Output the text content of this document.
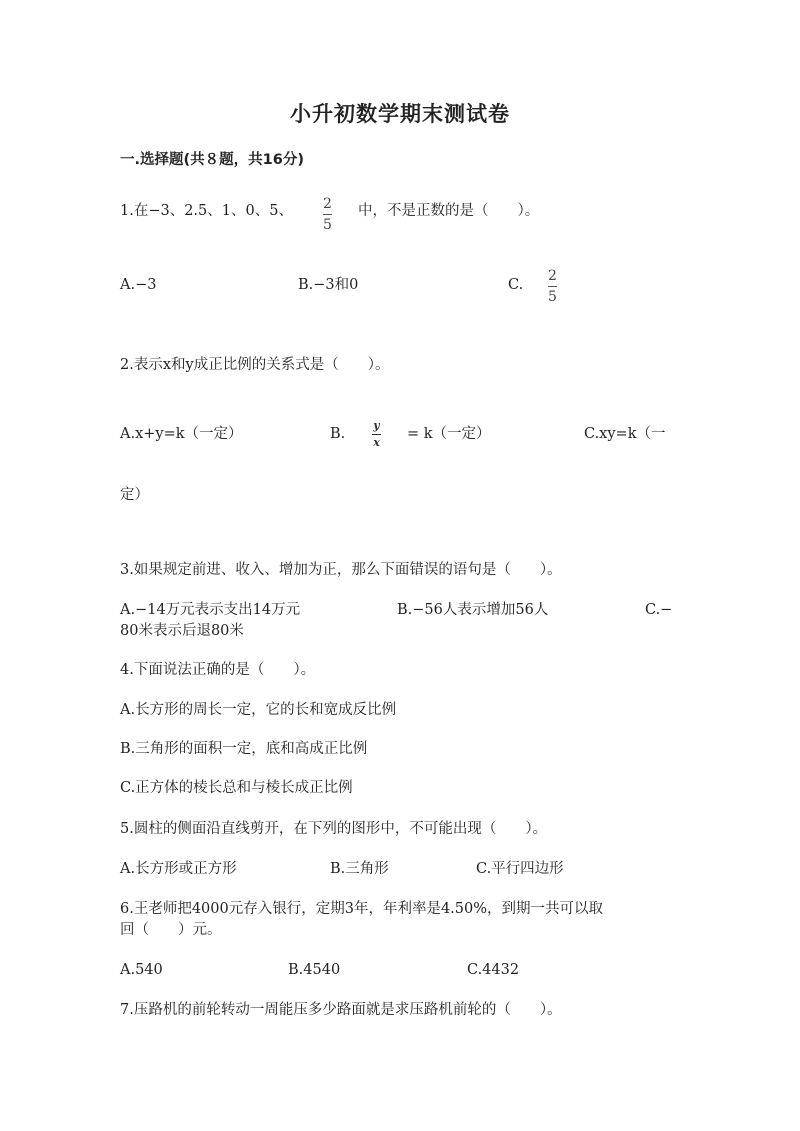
小升初数学期末测试卷
一.选择题(共８题，共16分)
1.在−3、2.5、1、0、5、 2
5
中，不是正数的是（　　）。
A.−3	B.−3和0	C.
2
5
2.表示x和y成正比例的关系式是（　　）。
A.x+y=k（一定）	B.
y
x
= k（一定）	C.xy=k（一
定）
3.如果规定前进、收入、增加为正，那么下面错误的语句是（　　）。
A.−14万元表示支出14万元	B.−56人表示增加56人	C.−
80米表示后退80米
4.下面说法正确的是（　　）。
A.长方形的周长一定，它的长和宽成反比例
B.三角形的面积一定，底和高成正比例
C.正方体的棱长总和与棱长成正比例
5.圆柱的侧面沿直线剪开，在下列的图形中，不可能出现（　　）。
A.长方形或正方形	B.三角形	C.平行四边形
6.王老师把4000元存入银行，定期3年，年利率是4.50%，到期一共可以取
回（　　）元。
A.540	B.4540	C.4432
7.压路机的前轮转动一周能压多少路面就是求压路机前轮的（　　）。
